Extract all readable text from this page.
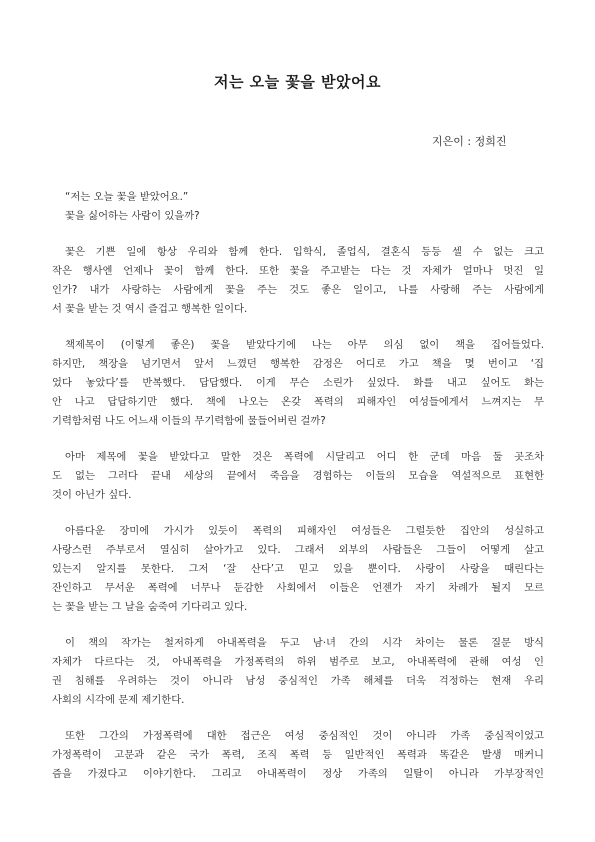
저는 오늘 꽃을 받았어요
지은이 : 정희진
“저는 오늘 꽃을 받았어요.”
꽃을 싫어하는 사람이 있을까?
꽃은 기쁜 일에 항상 우리와 함께 한다. 입학식, 졸업식, 결혼식 등등 셀 수 없는 크고
작은 행사엔 언제나 꽃이 함께 한다. 또한 꽃을 주고받는 다는 것 자체가 얼마나 멋진 일
인가? 내가 사랑하는 사람에게 꽃을 주는 것도 좋은 일이고, 나를 사랑해 주는 사람에게
서 꽃을 받는 것 역시 즐겁고 행복한 일이다.
책제목이 (이렇게 좋은) 꽃을 받았다기에 나는 아무 의심 없이 책을 집어들었다.
하지만, 책장을 넘기면서 앞서 느꼈던 행복한 감정은 어디로 가고 책을 몇 번이고 ‘집
었다 놓았다’를 반복했다. 답답했다. 이게 무슨 소린가 싶었다. 화를 내고 싶어도 화는
안 나고 답답하기만 했다. 책에 나오는 온갖 폭력의 피해자인 여성들에게서 느껴지는 무
기력함처럼 나도 어느새 이들의 무기력함에 물들어버린 걸까?
아마 제목에 꽃을 받았다고 말한 것은 폭력에 시달리고 어디 한 군데 마음 둘 곳조차
도 없는 그러다 끝내 세상의 끝에서 죽음을 경험하는 이들의 모습을 역설적으로 표현한
것이 아닌가 싶다.
아름다운 장미에 가시가 있듯이 폭력의 피해자인 여성들은 그럴듯한 집안의 성실하고
사랑스런 주부로서 열심히 살아가고 있다. 그래서 외부의 사람들은 그들이 어떻게 살고
있는지 알지를 못한다. 그저 ‘잘 산다’고 믿고 있을 뿐이다. 사랑이 사랑을 때린다는
잔인하고 무서운 폭력에 너무나 둔감한 사회에서 이들은 언젠가 자기 차례가 될지 모르
는 꽃을 받는 그 날을 숨죽여 기다리고 있다.
이 책의 작가는 철저하게 아내폭력을 두고 남·녀 간의 시각 차이는 물론 질문 방식
자체가 다르다는 것, 아내폭력을 가정폭력의 하위 범주로 보고, 아내폭력에 관해 여성 인
권 침해를 우려하는 것이 아니라 남성 중심적인 가족 해체를 더욱 걱정하는 현재 우리
사회의 시각에 문제 제기한다.
또한 그간의 가정폭력에 대한 접근은 여성 중심적인 것이 아니라 가족 중심적이었고
가정폭력이 고문과 같은 국가 폭력, 조직 폭력 등 일반적인 폭력과 똑같은 발생 매커니
즘을 가졌다고 이야기한다. 그리고 아내폭력이 정상 가족의 일탈이 아니라 가부장적인
